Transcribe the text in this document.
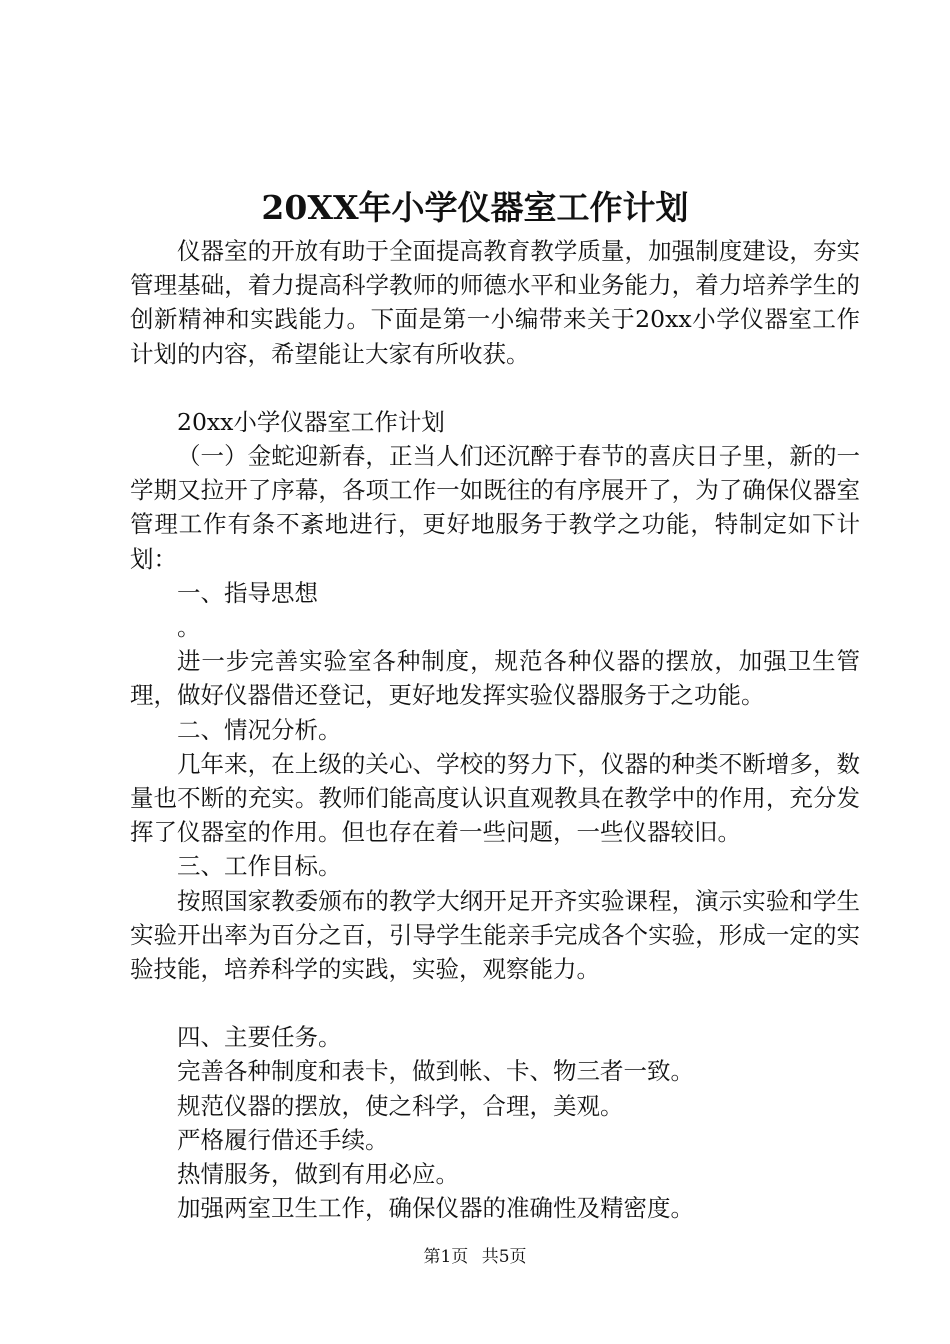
20XX年小学仪器室工作计划

仪器室的开放有助于全面提高教育教学质量，加强制度建设，夯实管理基础，着力提高科学教师的师德水平和业务能力，着力培养学生的创新精神和实践能力。下面是第一小编带来关于20xx小学仪器室工作计划的内容，希望能让大家有所收获。

20xx小学仪器室工作计划

（一）金蛇迎新春，正当人们还沉醉于春节的喜庆日子里，新的一学期又拉开了序幕，各项工作一如既往的有序展开了，为了确保仪器室管理工作有条不紊地进行，更好地服务于教学之功能，特制定如下计划：

一、指导思想

。

进一步完善实验室各种制度，规范各种仪器的摆放，加强卫生管理，做好仪器借还登记，更好地发挥实验仪器服务于之功能。

二、情况分析。

几年来，在上级的关心、学校的努力下，仪器的种类不断增多，数量也不断的充实。教师们能高度认识直观教具在教学中的作用，充分发挥了仪器室的作用。但也存在着一些问题，一些仪器较旧。

三、工作目标。

按照国家教委颁布的教学大纲开足开齐实验课程，演示实验和学生实验开出率为百分之百，引导学生能亲手完成各个实验，形成一定的实验技能，培养科学的实践，实验，观察能力。

四、主要任务。

完善各种制度和表卡，做到帐、卡、物三者一致。

规范仪器的摆放，使之科学，合理，美观。

严格履行借还手续。

热情服务，做到有用必应。

加强两室卫生工作，确保仪器的准确性及精密度。

第1页 共5页
